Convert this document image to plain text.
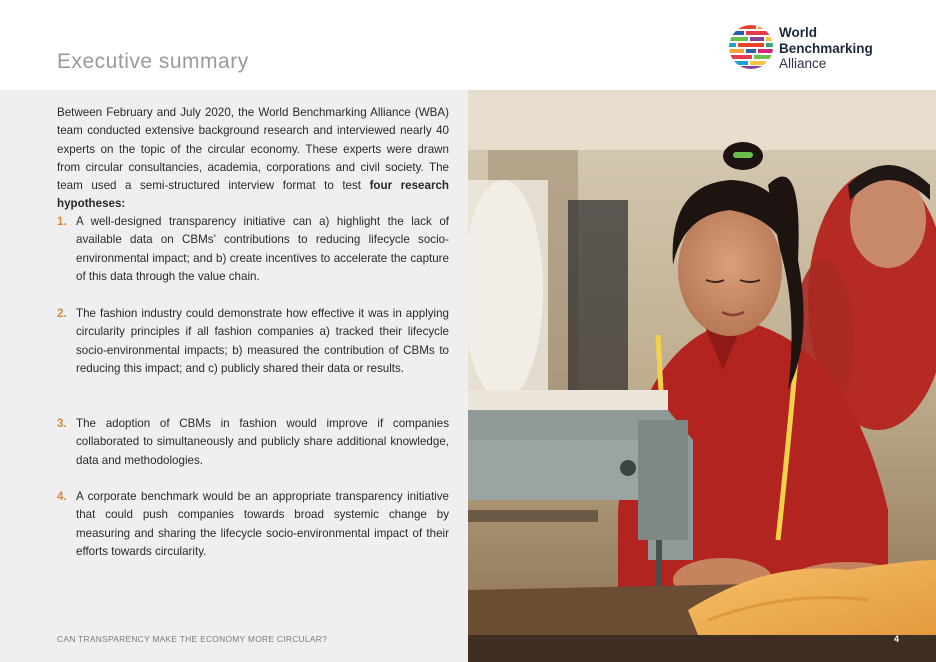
Executive summary
World
Benchmarking
Alliance

Between February and July 2020, the World Benchmarking Alliance (WBA) team conducted extensive background research and interviewed nearly 40 experts on the topic of the circular economy. These experts were drawn from circular consultancies, academia, corporations and civil society. The team used a semi-structured interview format to test four research hypotheses:

1. A well-designed transparency initiative can a) highlight the lack of available data on CBMs’ contributions to reducing lifecycle socio-environmental impact; and b) create incentives to accelerate the capture of this data through the value chain.
2. The fashion industry could demonstrate how effective it was in applying circularity principles if all fashion companies a) tracked their lifecycle socio-environmental impacts; b) measured the contribution of CBMs to reducing this impact; and c) publicly shared their data or results.
3. The adoption of CBMs in fashion would improve if companies collaborated to simultaneously and publicly share additional knowledge, data and methodologies.
4. A corporate benchmark would be an appropriate transparency initiative that could push companies towards broad systemic change by measuring and sharing the lifecycle socio-environmental impact of their efforts towards circularity.
CAN TRANSPARENCY MAKE THE ECONOMY MORE CIRCULAR?	4
